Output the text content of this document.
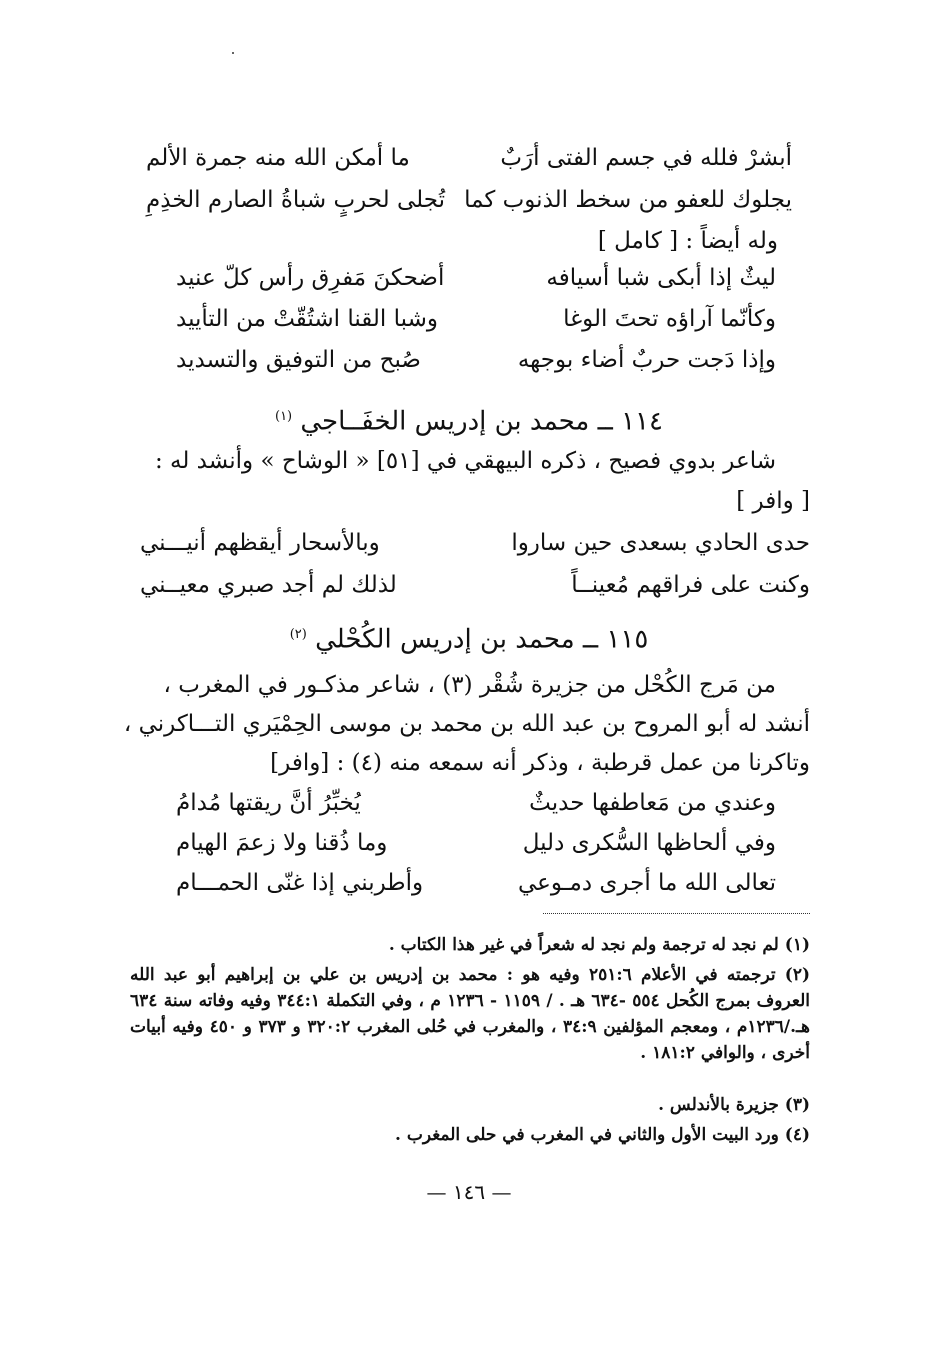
أبشرْ فلله في جسم الفتى أرَبٌ
ما أمكن الله منه جمرة الألم
يجلوك للعفو من سخط الذنوب كما
تُجلى لحربٍ شباةُ الصارم الخذِمِ
وله أيضاً : [ كامل ]
ليثٌ إذا أبكى شبا أسيافه
أضحكنَ مَفرِق رأس كلّ عنيد
وكأنّما آراؤه تحتَ الوغا
وشبا القنا اشتُقّتْ من التأييد
وإذا دَجت حربٌ أضاء بوجهه
صُبح من التوفيق والتسديد
١١٤ ــ محمد بن إدريس الخفَــاجي $^{(١)}$
شاعر بدوي فصيح ، ذكره البيهقي في [٥١] « الوشاح » وأنشد له :
[ وافر ]
حدى الحادي بسعدى حين ساروا
وبالأسحار أيقظهم أنيـــني
وكنت على فراقهم مُعينــاً
لذلك لم أجد صبري معيــني
١١٥ ــ محمد بن إدريس الكُحْلي $^{(٢)}$
من مَرج الكُحْل من جزيرة شُقْر (٣) ، شاعر مذكـور في المغرب ،
أنشد له أبو المروح بن عبد الله بن محمد بن موسى الحِمْيَري التـــاكرني ،
وتاكرنا من عمل قرطبة ، وذكر أنه سمعه منه (٤) : [وافر]
وعندي من مَعاطفها حديثٌ
يُخبِّرُ أنَّ ريقتها مُدامُ
وفي ألحاظها السُّكرى دليل
وما ذُقنا ولا زعمَ الهيام
تعالى الله ما أجرى دمـوعي
وأطربني إذا غنّى الحمـــام
(١) لم نجد له ترجمة ولم نجد له شعراً في غير هذا الكتاب .
(٢) ترجمته في الأعلام ٢٥١:٦ وفيه هو : محمد بن إدريس بن علي بن إبراهيم أبو عبد الله العروف بمرج الكُحل ٥٥٤ -٦٣٤ هـ . / ١١٥٩ - ١٢٣٦ م ، وفي التكملة ٣٤٤:١ وفيه وفاته سنة ٦٣٤ هـ./١٢٣٦م ، ومعجم المؤلفين ٣٤:٩ ، والمغرب في حُلى المغرب ٣٢٠:٢ و ٣٧٣ و ٤٥٠ وفيه أبيات أخرى ، والوافي ١٨١:٢ .
(٣) جزيرة بالأندلس .
(٤) ورد البيت الأول والثاني في المغرب في حلى المغرب .
— ١٤٦ —
